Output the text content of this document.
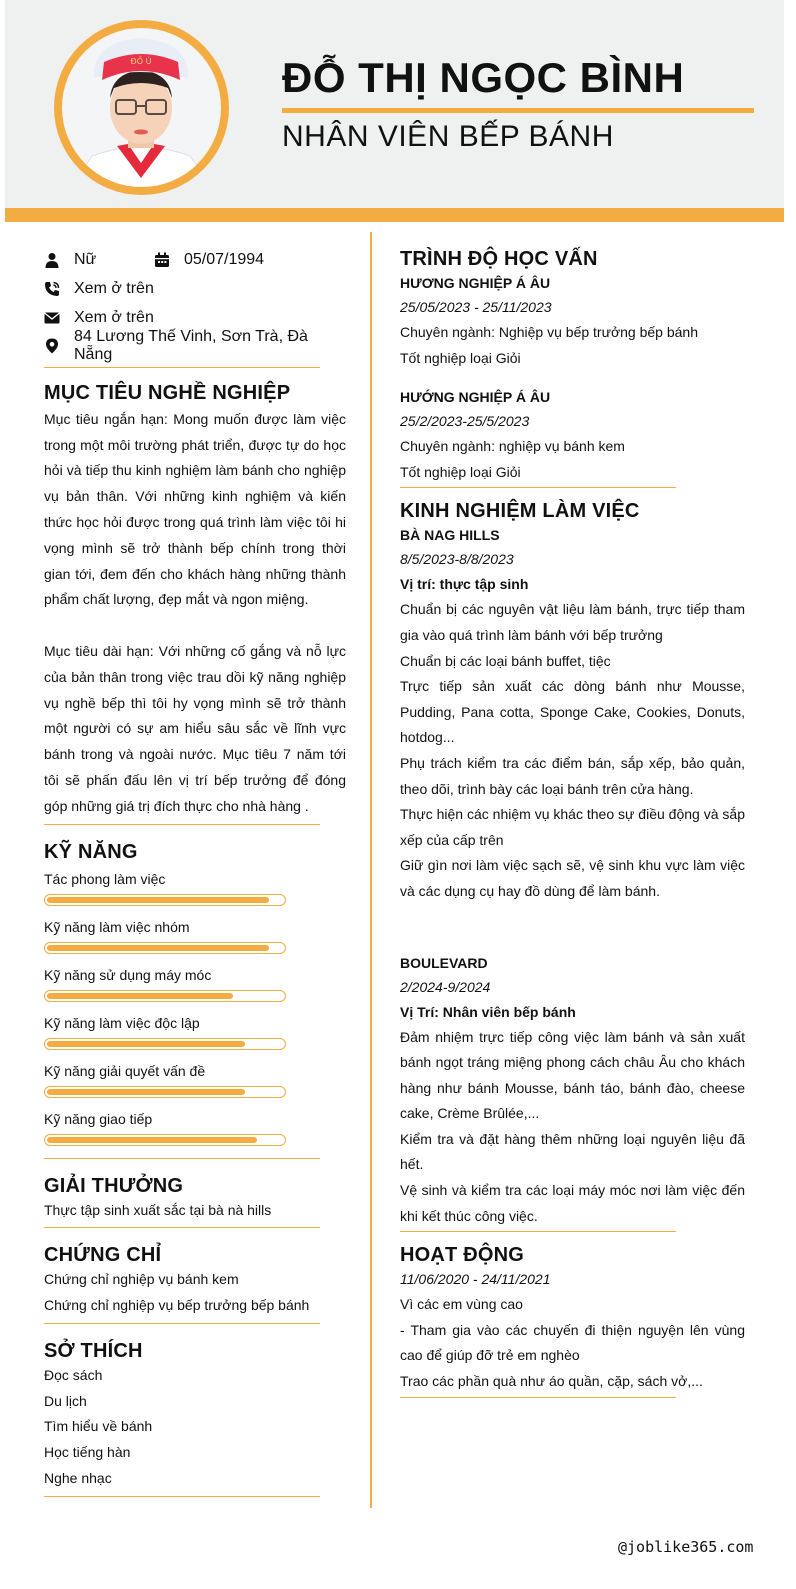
ĐỒ Ú	ĐỖ THỊ NGỌC BÌNH
NHÂN VIÊN BẾP BÁNH
Nữ	05/07/1994
Xem ở trên
Xem ở trên
84 Lương Thế Vinh, Sơn Trà, Đà Nẵng
MỤC TIÊU NGHỀ NGHIỆP

Mục tiêu ngắn hạn: Mong muốn được làm việc trong một môi trường phát triển, được tự do học hỏi và tiếp thu kinh nghiệm làm bánh cho nghiệp vụ bản thân. Với những kinh nghiệm và kiến thức học hỏi được trong quá trình làm việc tôi hi vọng mình sẽ trở thành bếp chính trong thời gian tới, đem đến cho khách hàng những thành phẩm chất lượng, đẹp mắt và ngon miệng.

Mục tiêu dài hạn: Với những cố gắng và nỗ lực của bản thân trong việc trau dồi kỹ năng nghiệp vụ nghề bếp thì tôi hy vọng mình sẽ trở thành một người có sự am hiểu sâu sắc về lĩnh vực bánh trong và ngoài nước. Mục tiêu 7 năm tới tôi sẽ phấn đấu lên vị trí bếp trưởng để đóng góp những giá trị đích thực cho nhà hàng .

KỸ NĂNG
Tác phong làm việc
Kỹ năng làm việc nhóm
Kỹ năng sử dụng máy móc
Kỹ năng làm việc độc lập
Kỹ năng giải quyết vấn đề
Kỹ năng giao tiếp
GIẢI THƯỞNG
Thực tập sinh xuất sắc tại bà nà hills
CHỨNG CHỈ
Chứng chỉ nghiệp vụ bánh kem
Chứng chỉ nghiệp vụ bếp trưởng bếp bánh
SỞ THÍCH
Đọc sách
Du lịch
Tìm hiểu về bánh
Học tiếng hàn
Nghe nhạc
TRÌNH ĐỘ HỌC VẤN
HƯƠNG NGHIỆP Á ÂU
25/05/2023 - 25/11/2023
Chuyên ngành: Nghiệp vụ bếp trưởng bếp bánh
Tốt nghiệp loại Giỏi
HƯỚNG NGHIỆP Á ÂU
25/2/2023-25/5/2023
Chuyên ngành: nghiệp vụ bánh kem
Tốt nghiệp loại Giỏi
KINH NGHIỆM LÀM VIỆC
BÀ NAG HILLS
8/5/2023-8/8/2023
Vị trí: thực tập sinh
Chuẩn bị các nguyên vật liệu làm bánh, trực tiếp tham gia vào quá trình làm bánh với bếp trưởng
Chuẩn bị các loại bánh buffet, tiệc
Trực tiếp sản xuất các dòng bánh như Mousse, Pudding, Pana cotta, Sponge Cake, Cookies, Donuts, hotdog...
Phụ trách kiểm tra các điểm bán, sắp xếp, bảo quản, theo dõi, trình bày các loại bánh trên cửa hàng.
Thực hiện các nhiệm vụ khác theo sự điều động và sắp xếp của cấp trên
Giữ gìn nơi làm việc sạch sẽ, vệ sinh khu vực làm việc và các dụng cụ hay đồ dùng để làm bánh.
BOULEVARD
2/2024-9/2024
Vị Trí: Nhân viên bếp bánh
Đảm nhiệm trực tiếp công việc làm bánh và sản xuất bánh ngọt tráng miệng phong cách châu Âu cho khách hàng như bánh Mousse, bánh táo, bánh đào, cheese cake, Crème Brûlée,...
Kiểm tra và đặt hàng thêm những loại nguyên liệu đã hết.
Vệ sinh và kiểm tra các loại máy móc nơi làm việc đến khi kết thúc công việc.
HOẠT ĐỘNG
11/06/2020 - 24/11/2021
Vì các em vùng cao
- Tham gia vào các chuyến đi thiện nguyện lên vùng cao để giúp đỡ trẻ em nghèo
Trao các phần quà như áo quần, cặp, sách vở,...
@joblike365.com
